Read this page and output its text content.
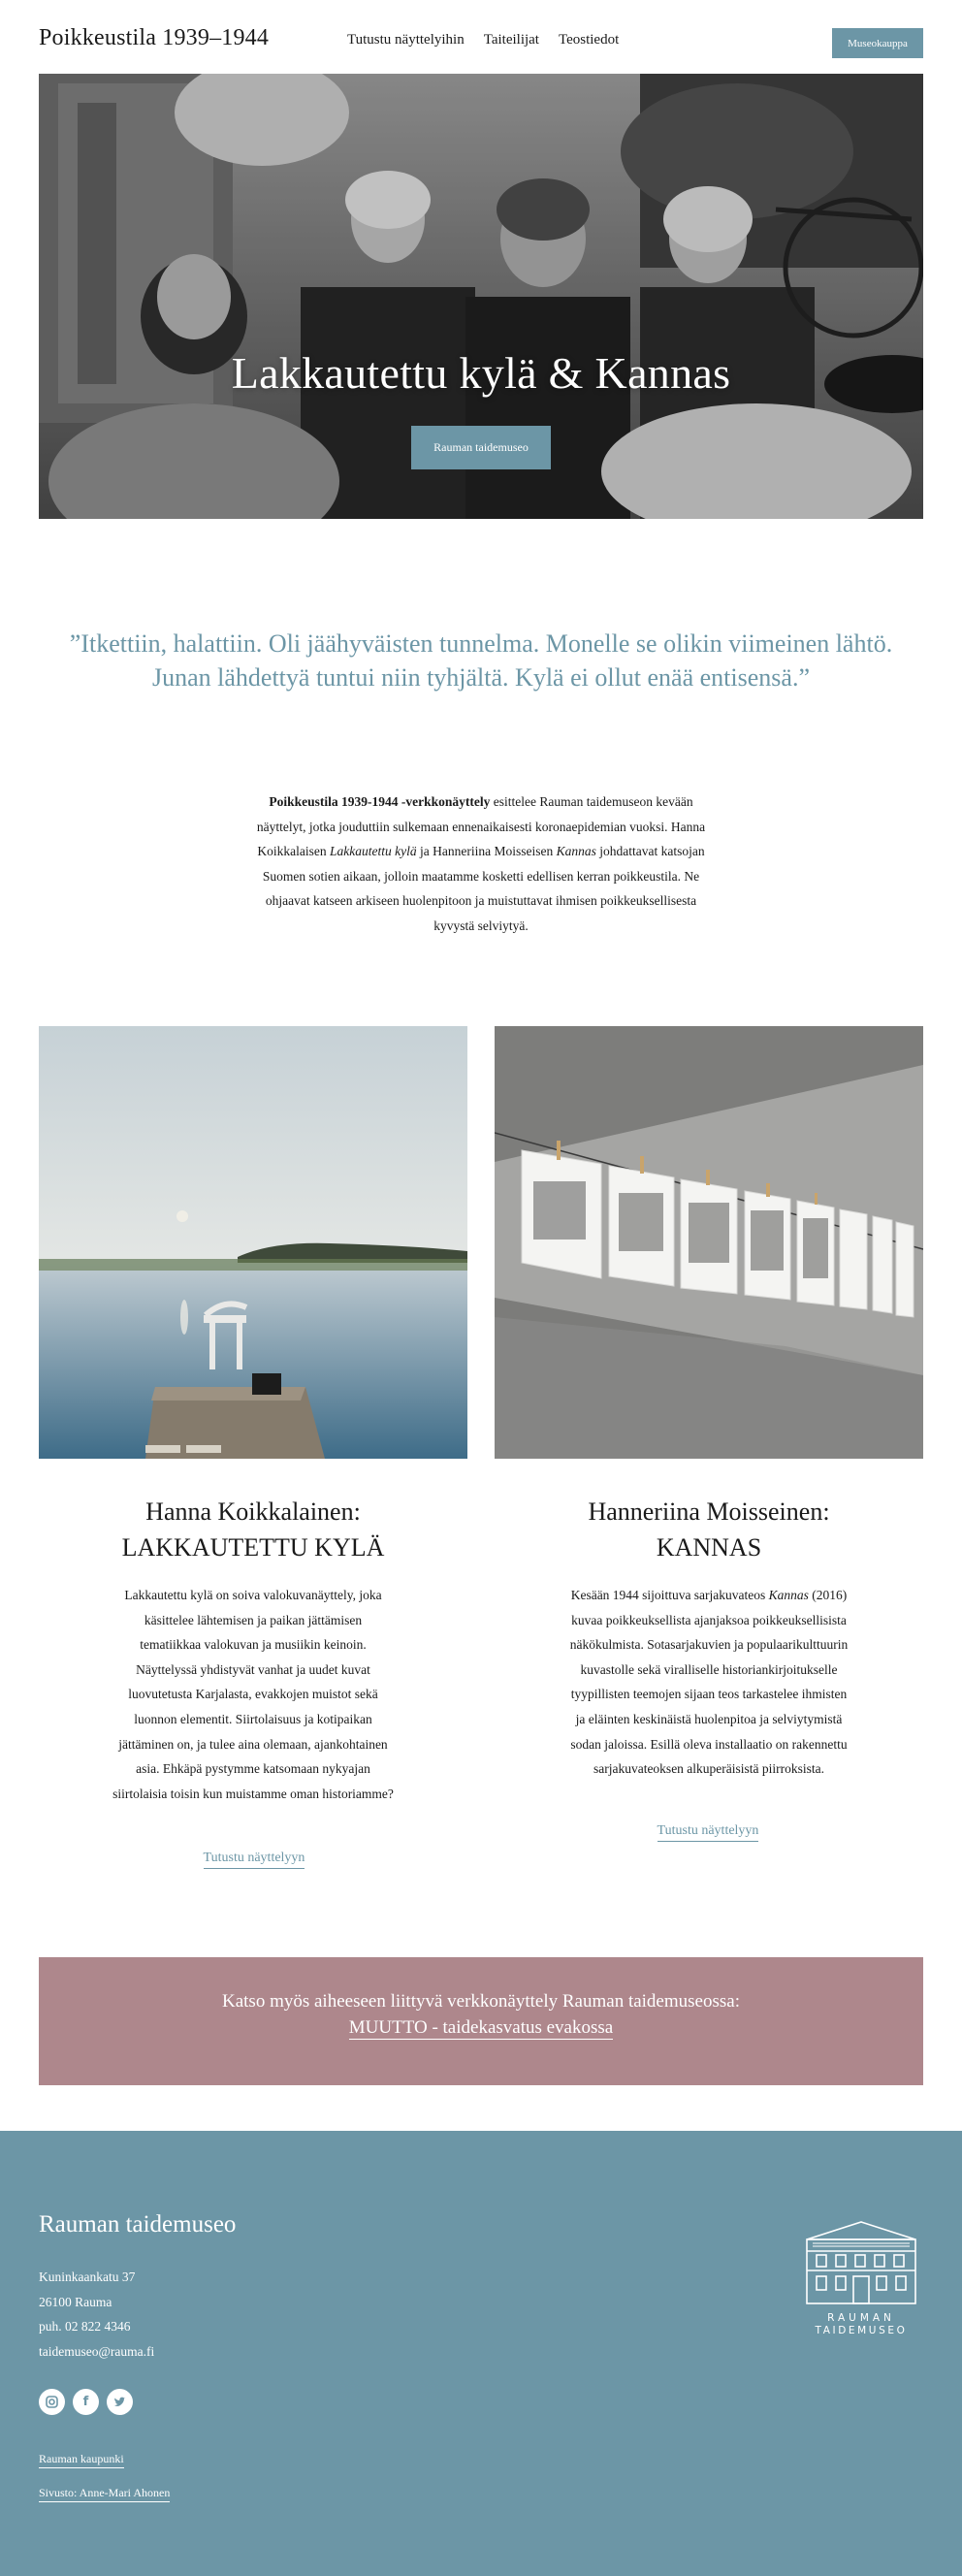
Poikkeustila 1939–1944	Tutustu näyttelyihin Taiteilijat Teostiedot	Museokauppa
Lakkautettu kylä & Kannas
Rauman taidemuseo
”Itkettiin, halattiin. Oli jäähyväisten tunnelma. Monelle se olikin viimeinen lähtö.
Junan lähdettyä tuntui niin tyhjältä. Kylä ei ollut enää entisensä.”
Poikkeustila 1939-1944 -verkkonäyttely esittelee Rauman taidemuseon kevään näyttelyt, jotka jouduttiin sulkemaan ennenaikaisesti koronaepidemian vuoksi. Hanna Koikkalaisen Lakkautettu kylä ja Hanneriina Moisseisen Kannas johdattavat katsojan Suomen sotien aikaan, jolloin maatamme kosketti edellisen kerran poikkeustila. Ne ohjaavat katseen arkiseen huolenpitoon ja muistuttavat ihmisen poikkeuksellisesta kyvystä selviytyä.
Hanna Koikkalainen:
LAKKAUTETTU KYLÄ
Hanneriina Moisseinen:
KANNAS
Lakkautettu kylä on soiva valokuvanäyttely, joka käsittelee lähtemisen ja paikan jättämisen tematiikkaa valokuvan ja musiikin keinoin. Näyttelyssä yhdistyvät vanhat ja uudet kuvat luovutetusta Karjalasta, evakkojen muistot sekä luonnon elementit. Siirtolaisuus ja kotipaikan jättäminen on, ja tulee aina olemaan, ajankohtainen asia. Ehkäpä pystymme katsomaan nykyajan siirtolaisia toisin kun muistamme oman historiamme?
Kesään 1944 sijoittuva sarjakuvateos Kannas (2016) kuvaa poikkeuksellista ajanjaksoa poikkeuksellisista näkökulmista. Sotasarjakuvien ja populaarikulttuurin kuvastolle sekä viralliselle historiankirjoitukselle tyypillisten teemojen sijaan teos tarkastelee ihmisten ja eläinten keskinäistä huolenpitoa ja selviytymistä sodan jaloissa. Esillä oleva installaatio on rakennettu sarjakuvateoksen alkuperäisistä piirroksista.
Tutustu näyttelyyn
Tutustu näyttelyyn
Katso myös aiheeseen liittyvä verkkonäyttely Rauman taidemuseossa:
MUUTTO - taidekasvatus evakossa
Rauman taidemuseo
Kuninkaankatu 37
26100 Rauma
puh. 02 822 4346
taidemuseo@rauma.fi
f
Rauman kaupunki
Sivusto: Anne-Mari Ahonen
RAUMAN
TAIDEMUSEO
